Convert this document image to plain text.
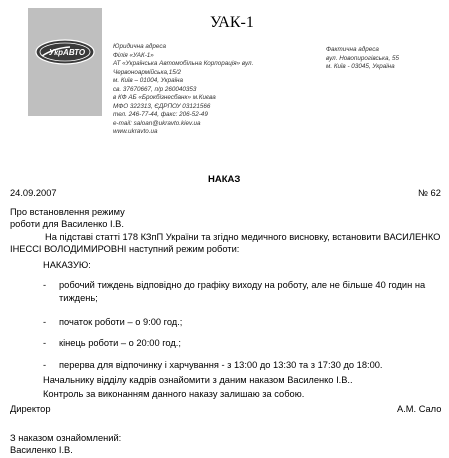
УкрАВТО
УАК-1
Юридична адреса
Філія «УАК-1»
АТ «Українська Автомобільна Корпорація» вул.
Червоноармійська,15/2
м. Київ – 01004, Україна
св. 37670667, п/р 260040353
в КФ АБ «Брокбізнесбанк» м.Києва
МФО 322313, ЄДРПОУ 03121566
тел. 246-77-44, факс: 206-52-49
e-mail: saloan@ukravto.kiev.ua
www.ukravto.ua
Фактична адреса
вул. Новопирогівська, 55
м. Київ - 03045, Україна
НАКАЗ
24.09.2007	№ 62
Про встановлення режиму
роботи для Василенко І.В.
На підставі статті 178 КЗпП України та згідно медичного висновку, встановити ВАСИЛЕНКО
ІНЕССІ ВОЛОДИМИРОВНІ наступний режим роботи:
НАКАЗУЮ:
- робочий тиждень відповідно до графіку виходу на роботу, але не більше 40 годин на
тиждень;
- початок роботи – о 9:00 год.;
- кінець роботи – о 20:00 год.;
- перерва для відпочинку і харчування - з 13:00 до 13:30 та з 17:30 до 18:00.
Начальнику відділу кадрів ознайомити з даним наказом Василенко І.В..
Контроль за виконанням данного наказу залишаю за собою.
Директор	А.М. Сало
З наказом ознайомлений:
Василенко І.В.
